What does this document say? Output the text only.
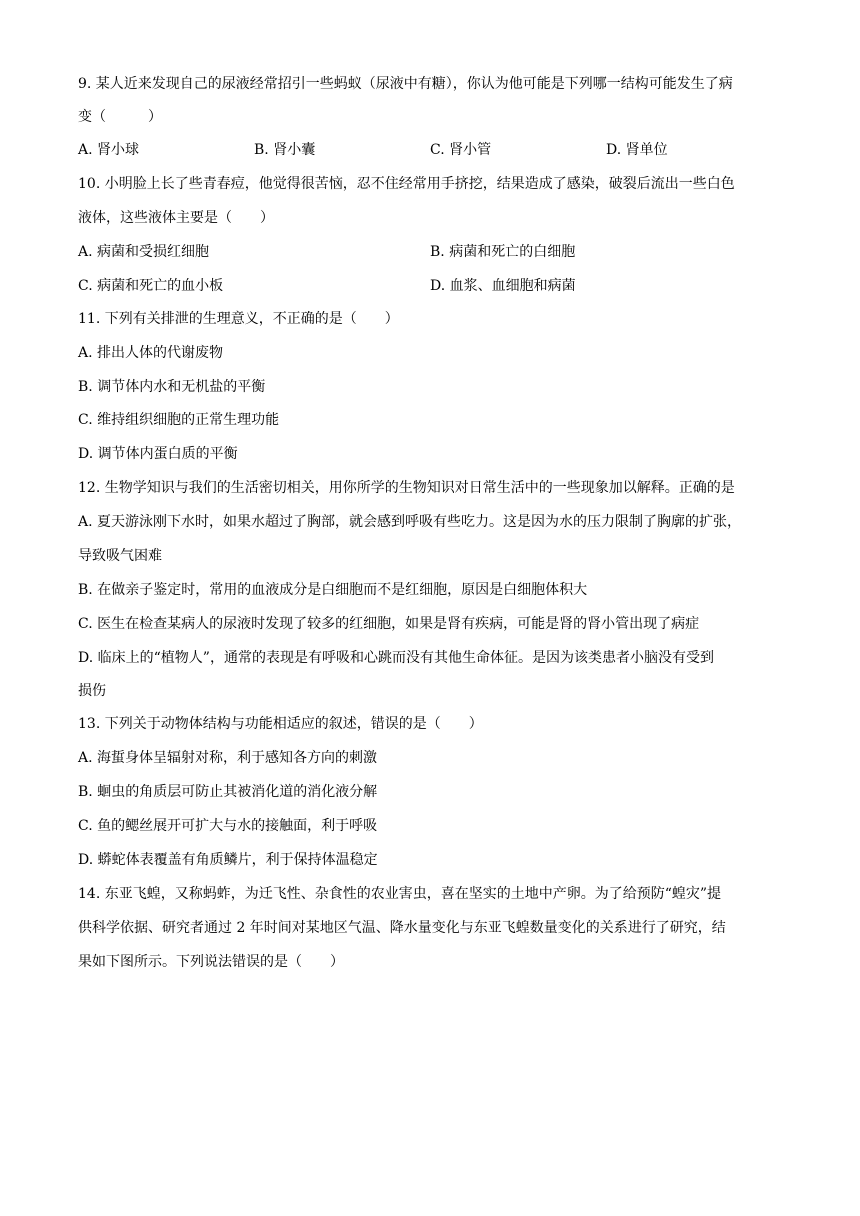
9. 某人近来发现自己的尿液经常招引一些蚂蚁（尿液中有糖），你认为他可能是下列哪一结构可能发生了病
变（　　　）
A. 肾小球	B. 肾小囊	C. 肾小管	D. 肾单位
10. 小明脸上长了些青春痘，他觉得很苦恼，忍不住经常用手挤挖，结果造成了感染，破裂后流出一些白色
液体，这些液体主要是（　　）
A. 病菌和受损红细胞	B. 病菌和死亡的白细胞
C. 病菌和死亡的血小板	D. 血浆、血细胞和病菌
11. 下列有关排泄的生理意义，不正确的是（　　）
A. 排出人体的代谢废物
B. 调节体内水和无机盐的平衡
C. 维持组织细胞的正常生理功能
D. 调节体内蛋白质的平衡
12. 生物学知识与我们的生活密切相关，用你所学的生物知识对日常生活中的一些现象加以解释。正确的是
A. 夏天游泳刚下水时，如果水超过了胸部，就会感到呼吸有些吃力。这是因为水的压力限制了胸廓的扩张，
导致吸气困难
B. 在做亲子鉴定时，常用的血液成分是白细胞而不是红细胞，原因是白细胞体积大
C. 医生在检查某病人的尿液时发现了较多的红细胞，如果是肾有疾病，可能是肾的肾小管出现了病症
D. 临床上的“植物人”，通常的表现是有呼吸和心跳而没有其他生命体征。是因为该类患者小脑没有受到
损伤
13. 下列关于动物体结构与功能相适应的叙述，错误的是（　　）
A. 海蜇身体呈辐射对称，利于感知各方向的刺激
B. 蛔虫的角质层可防止其被消化道的消化液分解
C. 鱼的鳃丝展开可扩大与水的接触面，利于呼吸
D. 蟒蛇体表覆盖有角质鳞片，利于保持体温稳定
14. 东亚飞蝗，又称蚂蚱，为迁飞性、杂食性的农业害虫，喜在坚实的土地中产卵。为了给预防“蝗灾”提
供科学依据、研究者通过 2 年时间对某地区气温、降水量变化与东亚飞蝗数量变化的关系进行了研究，结
果如下图所示。下列说法错误的是（　　）
